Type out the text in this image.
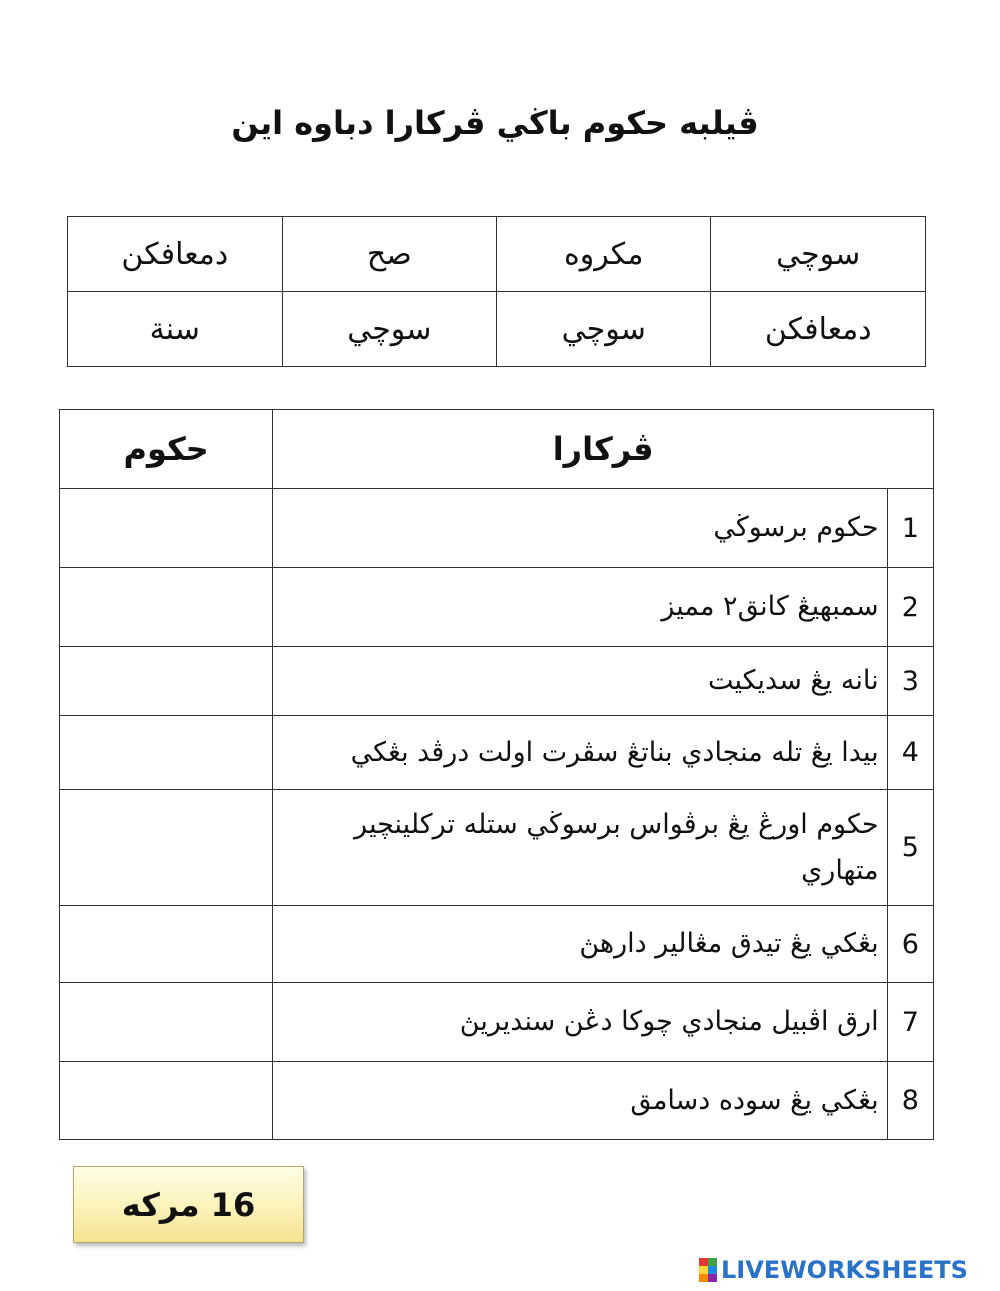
ڤيلبه حكوم باڬي ڤركارا دباوه اين
سوچي	مكروه	صح	دمعافكن
دمعافكن	سوچي	سوچي	سنة
ڤركارا		حكوم
1	حكوم برسوڬي	
2	سمبهيڠ كانق٢ مميز	
3	نانه يڠ سديكيت	
4	بيدا يڠ تله منجادي بناتڠ سڤرت اولت درڤد بڠكي	
5	حكوم اورڠ يڠ برڤواس برسوڬي ستله تركلينچير متهاري	
6	بڠكي يڠ تيدق مڠالير دارهڽ	
7	ارق اڤبيل منجادي چوكا دڠن سنديريڽ	
8	بڠكي يڠ سوده دسامق	
16 مركه
LIVEWORKSHEETS
